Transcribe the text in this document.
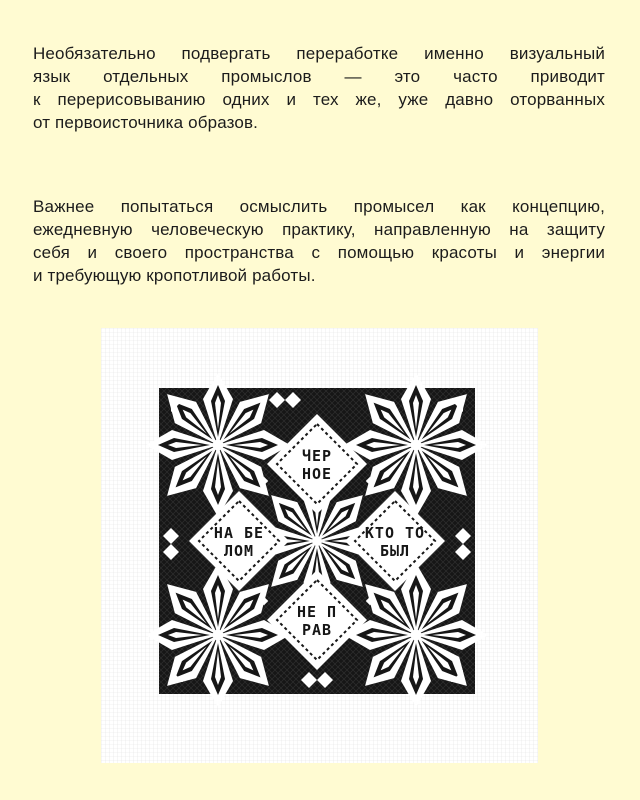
Необязательно подвергать переработке именно визуальный
язык отдельных промыслов — это часто приводит
к перерисовыванию одних и тех же, уже давно оторванных
от первоисточника образов.
Важнее попытаться осмыслить промысел как концепцию,
ежедневную человеческую практику, направленную на защиту
себя и своего пространства с помощью красоты и энергии
и требующую кропотливой работы.
ЧЕР
НОЕ
НА БЕ
ЛОМ
КТО ТО
БЫЛ
НЕ П
РАВ
